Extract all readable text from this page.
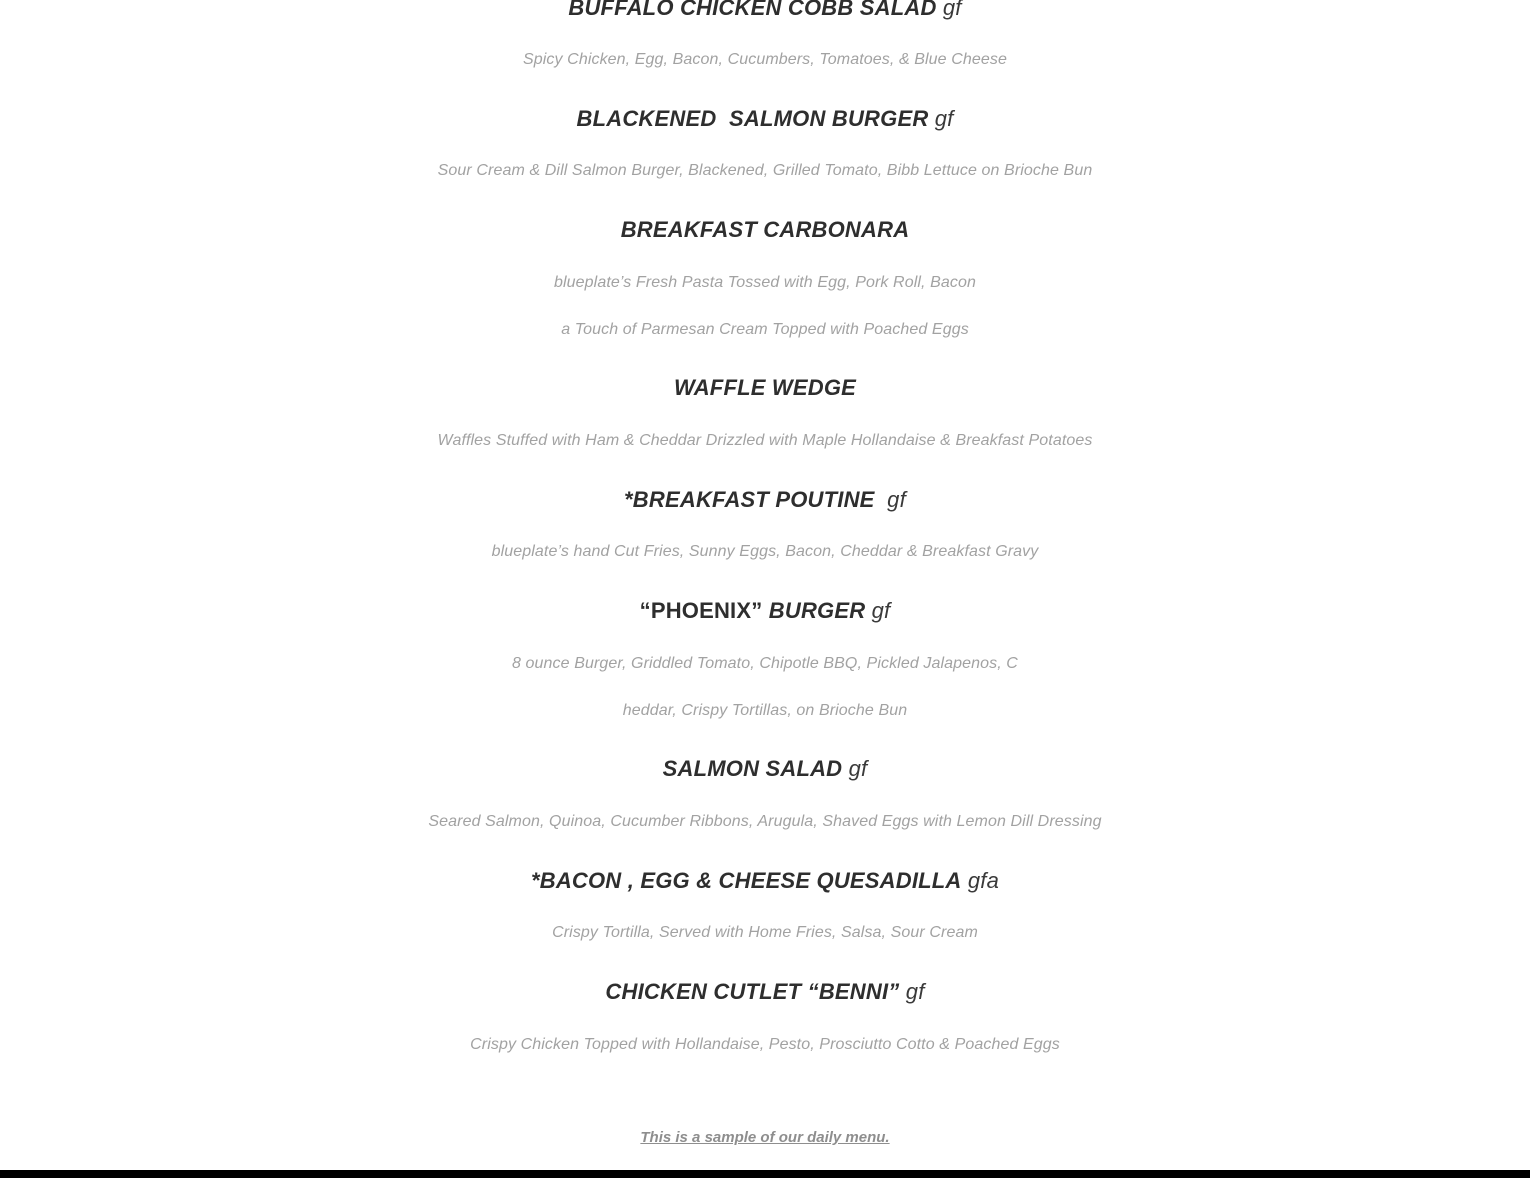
BUFFALO CHICKEN COBB SALAD gf
Spicy Chicken, Egg, Bacon, Cucumbers, Tomatoes, & Blue Cheese
BLACKENED  SALMON BURGER gf
Sour Cream & Dill Salmon Burger, Blackened, Grilled Tomato, Bibb Lettuce on Brioche Bun
BREAKFAST CARBONARA
blueplate’s Fresh Pasta Tossed with Egg, Pork Roll, Bacon
a Touch of Parmesan Cream Topped with Poached Eggs
WAFFLE WEDGE
Waffles Stuffed with Ham & Cheddar Drizzled with Maple Hollandaise & Breakfast Potatoes
*BREAKFAST POUTINE  gf
blueplate’s hand Cut Fries, Sunny Eggs, Bacon, Cheddar & Breakfast Gravy
“PHOENIX” BURGER gf
8 ounce Burger, Griddled Tomato, Chipotle BBQ, Pickled Jalapenos, C
heddar, Crispy Tortillas, on Brioche Bun
SALMON SALAD gf
Seared Salmon, Quinoa, Cucumber Ribbons, Arugula, Shaved Eggs with Lemon Dill Dressing
*BACON , EGG & CHEESE QUESADILLA gfa
Crispy Tortilla, Served with Home Fries, Salsa, Sour Cream
CHICKEN CUTLET “BENNI” gf
Crispy Chicken Topped with Hollandaise, Pesto, Prosciutto Cotto & Poached Eggs
This is a sample of our daily menu.
